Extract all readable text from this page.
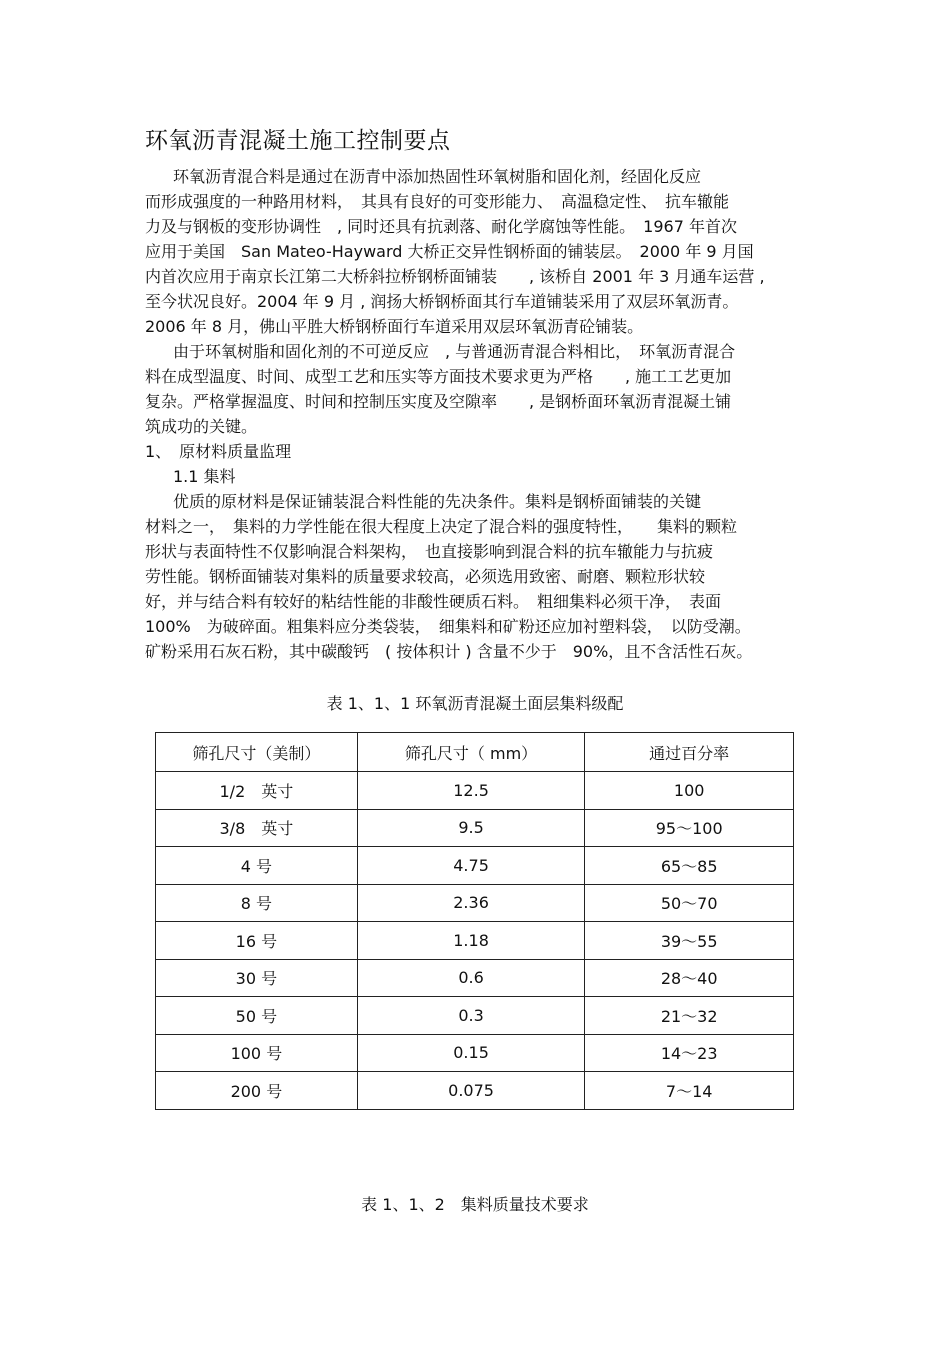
环氧沥青混凝土施工控制要点
环氧沥青混合料是通过在沥青中添加热固性环氧树脂和固化剂，经固化反应
而形成强度的一种路用材料，　其具有良好的可变形能力、　高温稳定性、　抗车辙能
力及与钢板的变形协调性　, 同时还具有抗剥落、耐化学腐蚀等性能。　1967 年首次
应用于美国　San Mateo-Hayward 大桥正交异性钢桥面的铺装层。　2000 年 9 月国
内首次应用于南京长江第二大桥斜拉桥钢桥面铺装　　, 该桥自 2001 年 3 月通车运营 ,
至今状况良好。2004 年 9 月 , 润扬大桥钢桥面其行车道铺装采用了双层环氧沥青。
2006 年 8 月，佛山平胜大桥钢桥面行车道采用双层环氧沥青砼铺装。
由于环氧树脂和固化剂的不可逆反应　, 与普通沥青混合料相比，　环氧沥青混合
料在成型温度、时间、成型工艺和压实等方面技术要求更为严格　　, 施工工艺更加
复杂。严格掌握温度、时间和控制压实度及空隙率　　, 是钢桥面环氧沥青混凝土铺
筑成功的关键。
1、　原材料质量监理
1.1 集料
优质的原材料是保证铺装混合料性能的先决条件。集料是钢桥面铺装的关键
材料之一，　集料的力学性能在很大程度上决定了混合料的强度特性，　　集料的颗粒
形状与表面特性不仅影响混合料架构，　也直接影响到混合料的抗车辙能力与抗疲
劳性能。钢桥面铺装对集料的质量要求较高，必须选用致密、耐磨、颗粒形状较
好，并与结合料有较好的粘结性能的非酸性硬质石料。　粗细集料必须干净，　表面
100%　为破碎面。粗集料应分类袋装，　细集料和矿粉还应加衬塑料袋，　以防受潮。
矿粉采用石灰石粉，其中碳酸钙　( 按体积计 ) 含量不少于　90%，且不含活性石灰。
表 1、1、1 环氧沥青混凝土面层集料级配
筛孔尺寸（美制）	筛孔尺寸（ mm）	通过百分率
1/2　英寸	12.5	100
3/8　英寸	9.5	95～100
4 号	4.75	65～85
8 号	2.36	50～70
16 号	1.18	39～55
30 号	0.6	28～40
50 号	0.3	21～32
100 号	0.15	14～23
200 号	0.075	7～14
表 1、1、2　集料质量技术要求
